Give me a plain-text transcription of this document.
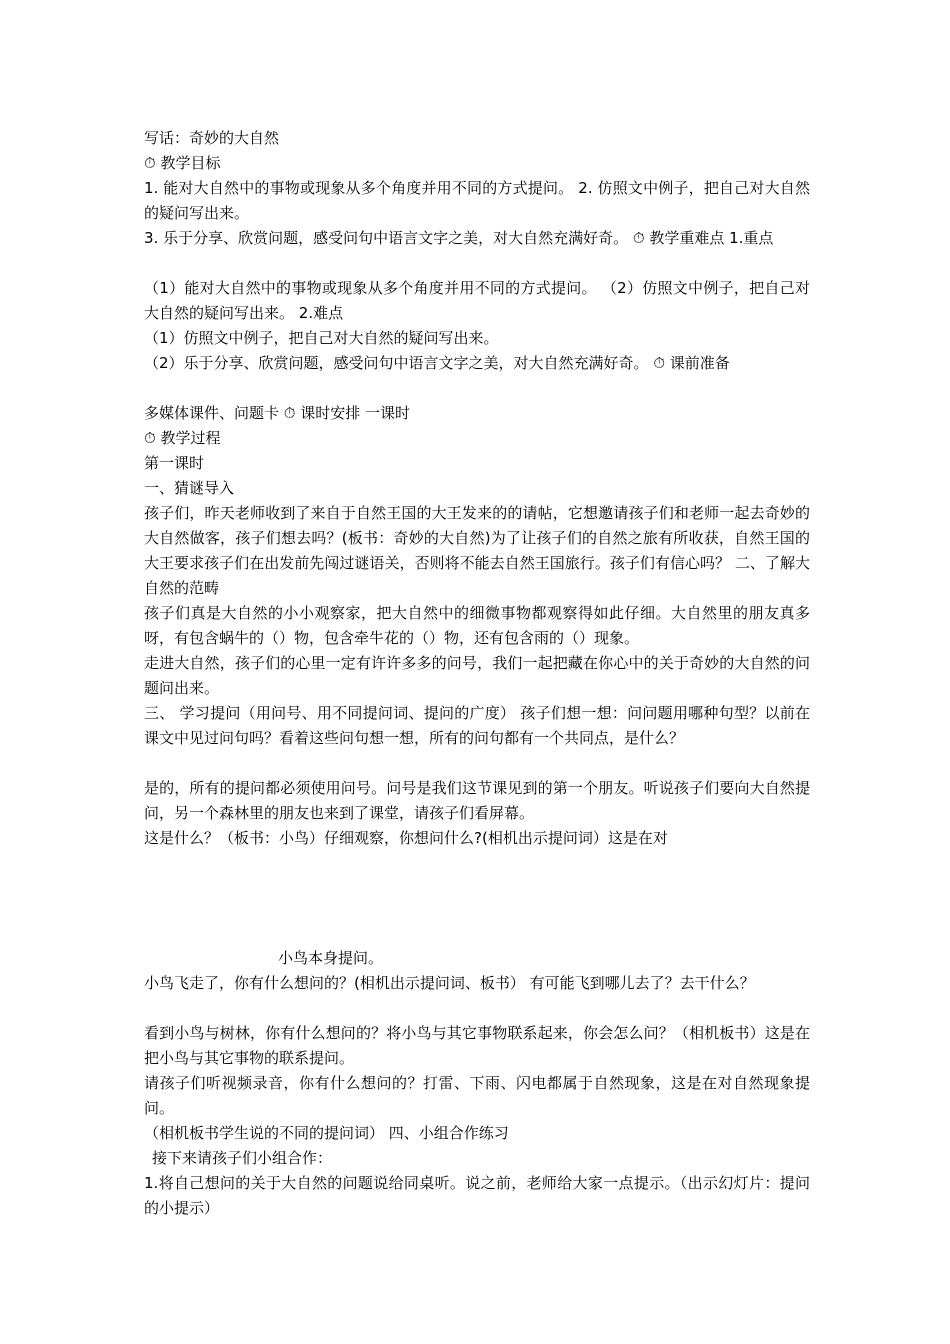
写话：奇妙的大自然

⏱ 教学目标

1. 能对大自然中的事物或现象从多个角度并用不同的方式提问。 2. 仿照文中例子，把自己对大自然的疑问写出来。

3. 乐于分享、欣赏问题，感受问句中语言文字之美，对大自然充满好奇。 ⏱ 教学重难点 1.重点

（1）能对大自然中的事物或现象从多个角度并用不同的方式提问。 （2）仿照文中例子，把自己对大自然的疑问写出来。 2.难点

（1）仿照文中例子，把自己对大自然的疑问写出来。

（2）乐于分享、欣赏问题，感受问句中语言文字之美，对大自然充满好奇。 ⏱ 课前准备

多媒体课件、问题卡 ⏱ 课时安排 一课时

⏱ 教学过程

第一课时

一、猜谜导入

孩子们，昨天老师收到了来自于自然王国的大王发来的的请帖，它想邀请孩子们和老师一起去奇妙的大自然做客，孩子们想去吗？(板书：奇妙的大自然)为了让孩子们的自然之旅有所收获，自然王国的大王要求孩子们在出发前先闯过谜语关，否则将不能去自然王国旅行。孩子们有信心吗？ 二、了解大自然的范畴

孩子们真是大自然的小小观察家，把大自然中的细微事物都观察得如此仔细。大自然里的朋友真多呀，有包含蜗牛的（）物，包含牵牛花的（）物，还有包含雨的（）现象。

走进大自然，孩子们的心里一定有许许多多的问号，我们一起把藏在你心中的关于奇妙的大自然的问题问出来。

三、 学习提问（用问号、用不同提问词、提问的广度） 孩子们想一想：问问题用哪种句型？以前在课文中见过问句吗？看着这些问句想一想，所有的问句都有一个共同点，是什么？

是的，所有的提问都必须使用问号。问号是我们这节课见到的第一个朋友。听说孩子们要向大自然提问，另一个森林里的朋友也来到了课堂，请孩子们看屏幕。

这是什么？（板书：小鸟）仔细观察，你想问什么?(相机出示提问词）这是在对

小鸟本身提问。

小鸟飞走了，你有什么想问的？(相机出示提问词、板书） 有可能飞到哪儿去了？去干什么？

看到小鸟与树林，你有什么想问的？将小鸟与其它事物联系起来，你会怎么问？（相机板书）这是在把小鸟与其它事物的联系提问。

请孩子们听视频录音，你有什么想问的？打雷、下雨、闪电都属于自然现象，这是在对自然现象提问。

（相机板书学生说的不同的提问词） 四、小组合作练习

接下来请孩子们小组合作：

1.将自己想问的关于大自然的问题说给同桌听。说之前，老师给大家一点提示。（出示幻灯片：提问的小提示）
